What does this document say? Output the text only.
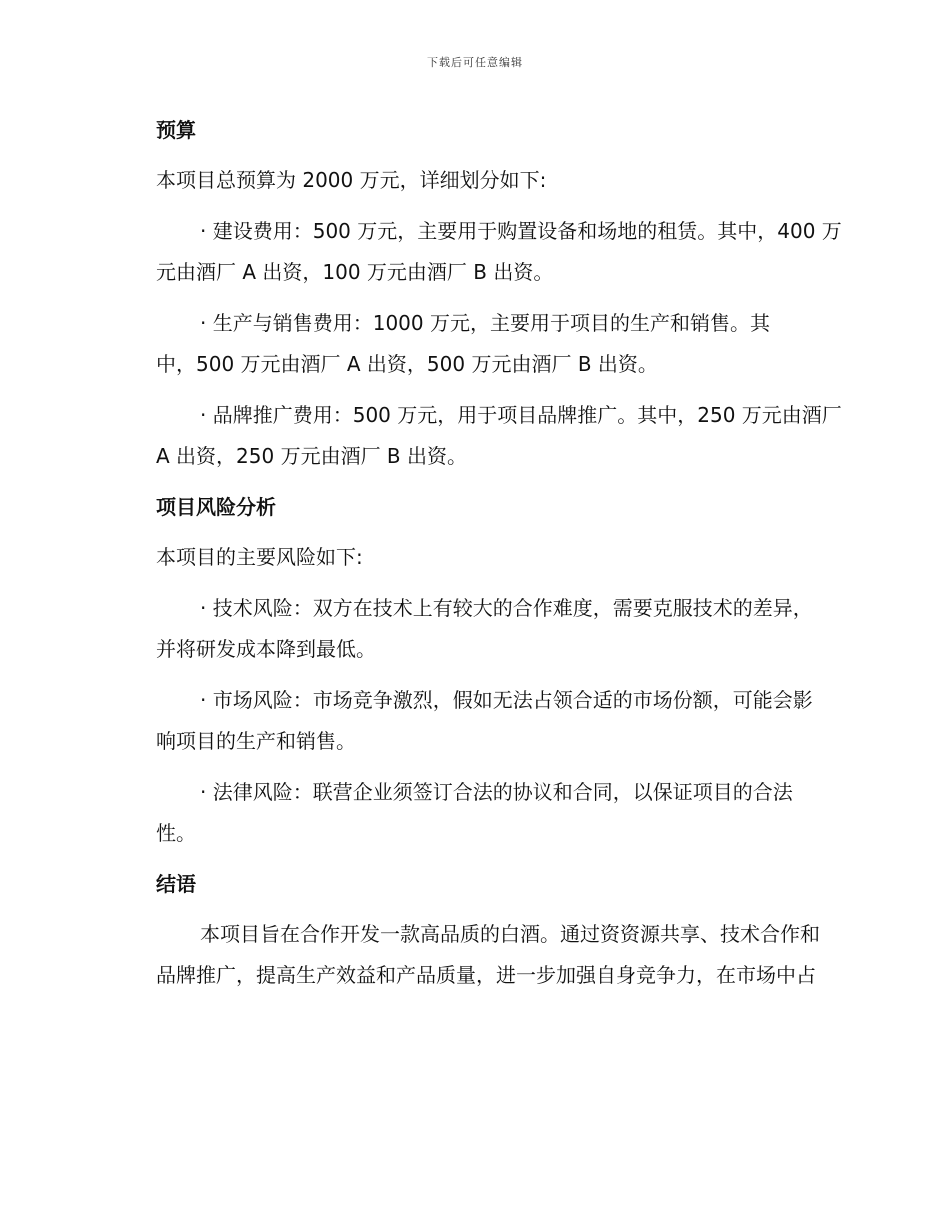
下载后可任意编辑
预算
本项目总预算为 2000 万元，详细划分如下:
· 建设费用：500 万元，主要用于购置设备和场地的租赁。其中，400 万
元由酒厂 A 出资，100 万元由酒厂 B 出资。
· 生产与销售费用：1000 万元，主要用于项目的生产和销售。其
中，500 万元由酒厂 A 出资，500 万元由酒厂 B 出资。
· 品牌推广费用：500 万元，用于项目品牌推广。其中，250 万元由酒厂
A 出资，250 万元由酒厂 B 出资。
项目风险分析
本项目的主要风险如下:
· 技术风险：双方在技术上有较大的合作难度，需要克服技术的差异，
并将研发成本降到最低。
· 市场风险：市场竞争激烈，假如无法占领合适的市场份额，可能会影
响项目的生产和销售。
· 法律风险：联营企业须签订合法的协议和合同，以保证项目的合法
性。
结语
本项目旨在合作开发一款高品质的白酒。通过资资源共享、技术合作和
品牌推广，提高生产效益和产品质量，进一步加强自身竞争力，在市场中占
